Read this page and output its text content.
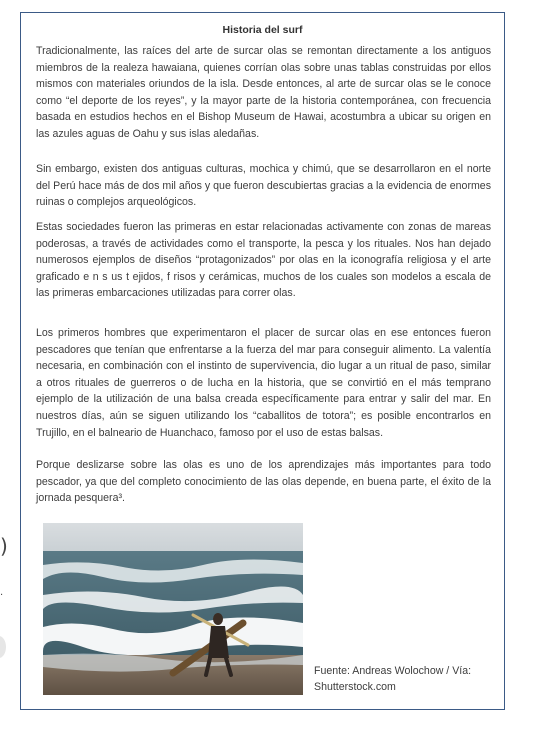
)
·
Historia del surf

Tradicionalmente, las raíces del arte de surcar olas se remontan directamente a los antiguos miembros de la realeza hawaiana, quienes corrían olas sobre unas tablas construidas por ellos mismos con materiales oriundos de la isla. Desde entonces, al arte de surcar olas se le conoce como “el deporte de los reyes”, y la mayor parte de la historia contemporánea, con frecuencia basada en estudios hechos en el Bishop Museum de Hawai, acostumbra a ubicar su origen en las azules aguas de Oahu y sus islas aledañas.

Sin embargo, existen dos antiguas culturas, mochica y chimú, que se desarrollaron en el norte del Perú hace más de dos mil años y que fueron descubiertas gracias a la evidencia de enormes ruinas o complejos arqueológicos.

Estas sociedades fueron las primeras en estar relacionadas activamente con zonas de mareas poderosas, a través de actividades como el transporte, la pesca y los rituales. Nos han dejado numerosos ejemplos de diseños “protagonizados” por olas en la iconografía religiosa y el arte graficado e n s us t ejidos, f risos y cerámicas, muchos de los cuales son modelos a escala de las primeras embarcaciones utilizadas para correr olas.

Los primeros hombres que experimentaron el placer de surcar olas en ese entonces fueron pescadores que tenían que enfrentarse a la fuerza del mar para conseguir alimento. La valentía necesaria, en combinación con el instinto de supervivencia, dio lugar a un ritual de paso, similar a otros rituales de guerreros o de lucha en la historia, que se convirtió en el más temprano ejemplo de la utilización de una balsa creada específicamente para entrar y salir del mar. En nuestros días, aún se siguen utilizando los “caballitos de totora”; es posible encontrarlos en Trujillo, en el balneario de Huanchaco, famoso por el uso de estas balsas.

Porque deslizarse sobre las olas es uno de los aprendizajes más importantes para todo pescador, ya que del completo conocimiento de las olas depende, en buena parte, el éxito de la jornada pesquera³.

Fuente: Andreas Wolochow / Vía: Shutterstock.com
